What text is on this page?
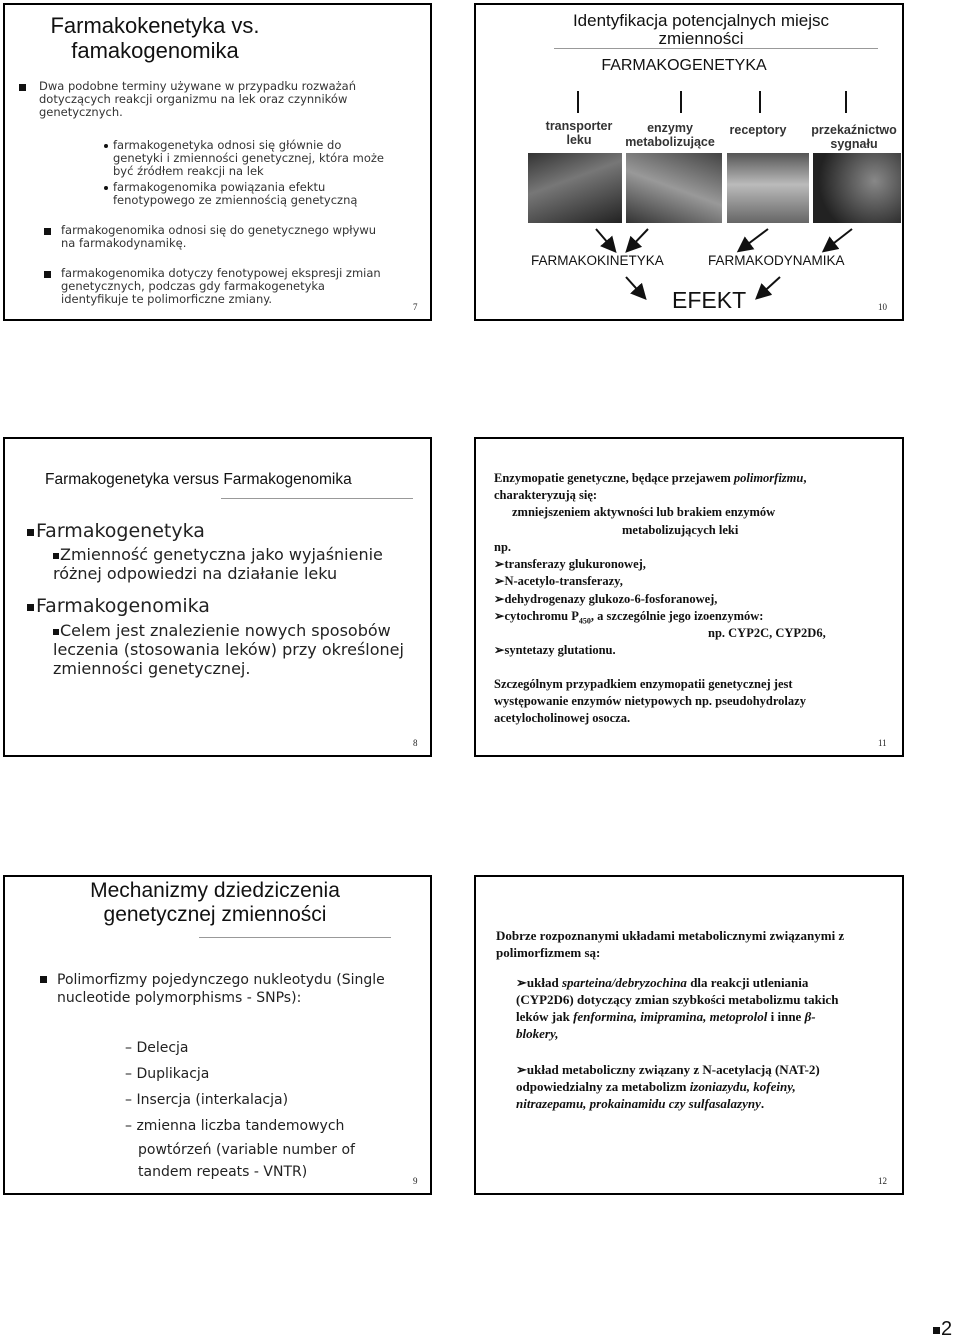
Farmakokenetyka vs.
famakogenomika
Dwa podobne terminy używane w przypadku rozważań
dotyczących reakcji organizmu na lek oraz czynników
genetycznych.
farmakogenetyka odnosi się głównie do
genetyki i zmienności genetycznej, która może
być źródłem reakcji na lek
farmakogenomika powiązania efektu
fenotypowego ze zmiennością genetyczną
farmakogenomika odnosi się do genetycznego wpływu
na farmakodynamikę.
farmakogenomika dotyczy fenotypowej ekspresji zmian
genetycznych, podczas gdy farmakogenetyka
identyfikuje te polimorficzne zmiany.
7
Identyfikacja potencjalnych miejsc
zmienności
FARMAKOGENETYKA
transporter
leku
enzymy
metabolizujące
receptory	przekaźnictwo
sygnału
FARMAKOKINETYKA	FARMAKODYNAMIKA
EFEKT	10
Farmakogenetyka versus Farmakogenomika
Farmakogenetyka
Zmienność genetyczna jako wyjaśnienie
różnej odpowiedzi na działanie leku
Farmakogenomika
Celem jest znalezienie nowych sposobów
leczenia (stosowania leków) przy określonej
zmienności genetycznej.
8
Enzymopatie genetyczne, będące przejawem polimorfizmu,
charakteryzują się:
zmniejszeniem aktywności lub brakiem enzymów
metabolizujących leki
np.
➢transferazy glukuronowej,
➢N-acetylo-transferazy,
➢dehydrogenazy glukozo-6-fosforanowej,
➢cytochromu $P_{450}$, a szczególnie jego izoenzymów:
np. CYP2C, CYP2D6,
➢syntetazy glutationu.
Szczególnym przypadkiem enzymopatii genetycznej jest
występowanie enzymów nietypowych np. pseudohydrolazy
acetylocholinowej osocza.
11
Mechanizmy dziedziczenia
genetycznej zmienności
Polimorfizmy pojedynczego nukleotydu (Single
nucleotide polymorphisms - SNPs):
– Delecja
– Duplikacja
– Insercja (interkalacja)
– zmienna liczba tandemowych
powtórzeń (variable number of
tandem repeats - VNTR)
9
Dobrze rozpoznanymi układami metabolicznymi związanymi z
polimorfizmem są:
➢układ sparteina/debryzochina dla reakcji utleniania
(CYP2D6) dotyczący zmian szybkości metabolizmu takich
leków jak fenformina, imipramina, metoprolol i inne β-
blokery,
➢układ metaboliczny związany z N-acetylacją (NAT-2)
odpowiedzialny za metabolizm izoniazydu, kofeiny,
nitrazepamu, prokainamidu czy sulfasalazyny.
12
2
